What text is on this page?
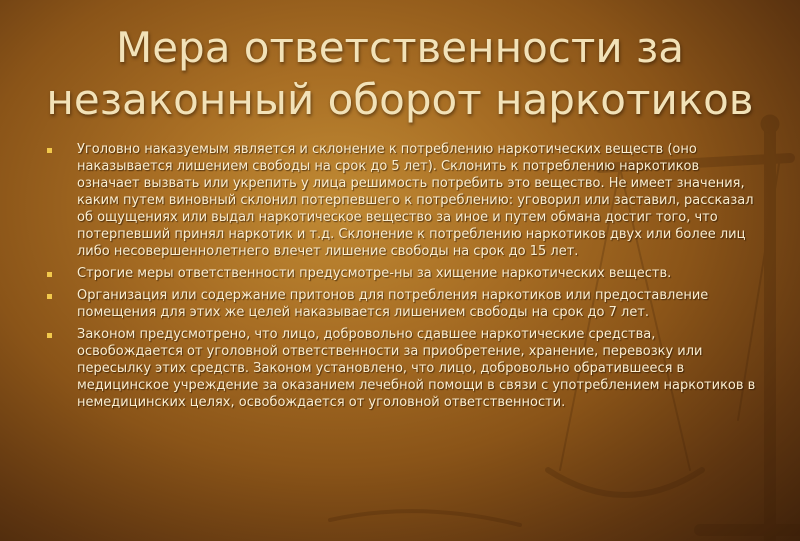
Мера ответственности за
незаконный оборот наркотиков
Уголовно наказуемым является и склонение к потреблению наркотических веществ (оно наказывается лишением свободы на срок до 5 лет). Склонить к потреблению наркотиков означает вызвать или укрепить у лица решимость потребить это вещество. Не имеет значения, каким путем виновный склонил потерпевшего к потреблению: уговорил или заставил, рассказал об ощущениях или выдал наркотическое вещество за иное и путем обмана достиг того, что потерпевший принял наркотик и т.д. Склонение к потреблению наркотиков двух или более лиц либо несовершеннолетнего влечет лишение свободы на срок до 15 лет.
Строгие меры ответственности предусмотре-ны за хищение наркотических веществ.
Организация или содержание притонов для потребления наркотиков или предоставление помещения для этих же целей наказывается лишением свободы на срок до 7 лет.
Законом предусмотрено, что лицо, добровольно сдавшее наркотические средства, освобождается от уголовной ответственности за приобретение, хранение, перевозку или пересылку этих средств. Законом установлено, что лицо, добровольно обратившееся в медицинское учреждение за оказанием лечебной помощи в связи с употреблением наркотиков в немедицинских целях, освобождается от уголовной ответственности.
